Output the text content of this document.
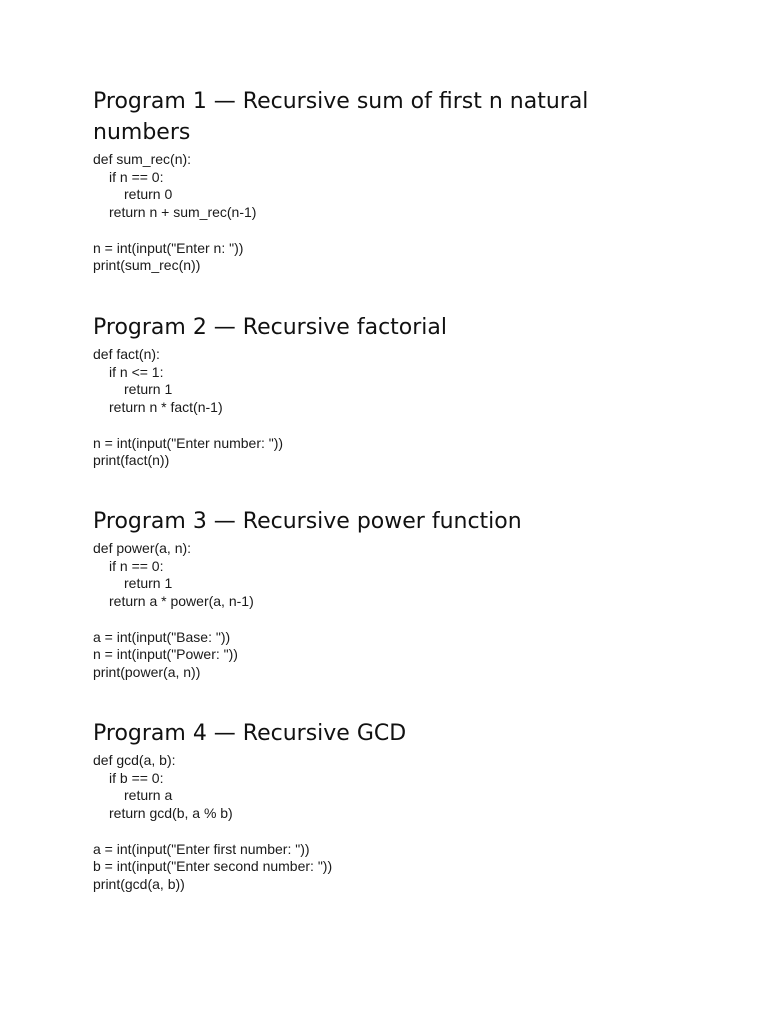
Program 1 — Recursive sum of first n natural
numbers
def sum_rec(n):
if n == 0:
return 0
return n + sum_rec(n-1)
n = int(input("Enter n: "))
print(sum_rec(n))
Program 2 — Recursive factorial
def fact(n):
if n <= 1:
return 1
return n * fact(n-1)
n = int(input("Enter number: "))
print(fact(n))
Program 3 — Recursive power function
def power(a, n):
if n == 0:
return 1
return a * power(a, n-1)
a = int(input("Base: "))
n = int(input("Power: "))
print(power(a, n))
Program 4 — Recursive GCD
def gcd(a, b):
if b == 0:
return a
return gcd(b, a % b)
a = int(input("Enter first number: "))
b = int(input("Enter second number: "))
print(gcd(a, b))
